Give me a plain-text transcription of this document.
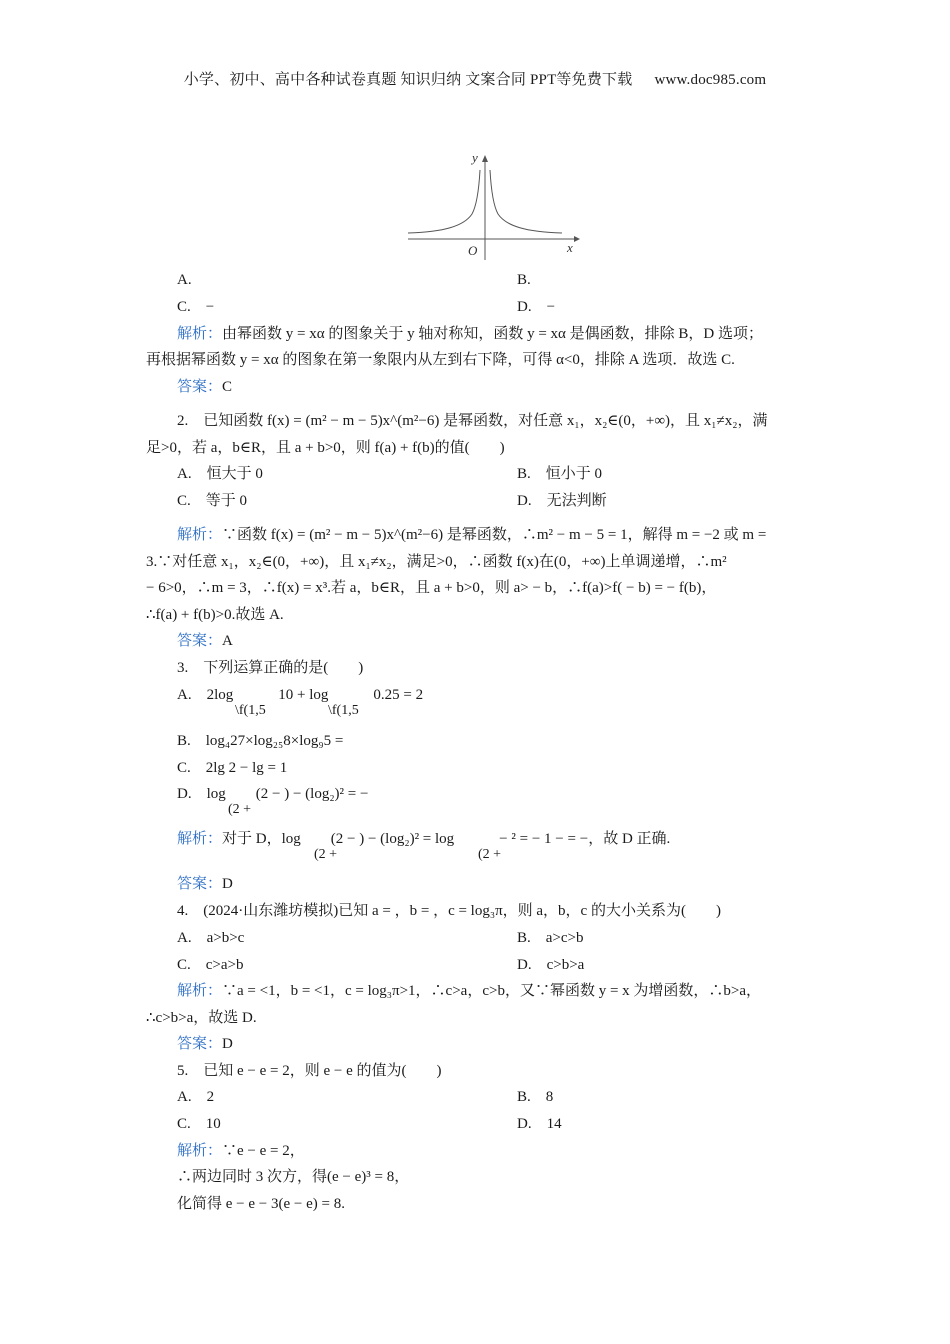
小学、初中、高中各种试卷真题 知识归纳 文案合同 PPT等免费下载 www.doc985.com
y
x
O
A.	B.
C.　−	D.　−
解析：由幂函数 y = xα 的图象关于 y 轴对称知，函数 y = xα 是偶函数，排除 B，D 选项；
再根据幂函数 y = xα 的图象在第一象限内从左到右下降，可得 α<0，排除 A 选项．故选 C.
答案：C
2.　已知函数 f(x) = (m² − m − 5)x^(m²−6) 是幂函数，对任意 x₁，x₂∈(0，+∞)，且 x₁≠x₂，满
足>0，若 a，b∈R，且 a + b>0，则 f(a) + f(b)的值(　　)
A.　恒大于 0	B.　恒小于 0
C.　等于 0	D.　无法判断
解析：∵函数 f(x) = (m² − m − 5)x^(m²−6) 是幂函数，∴m² − m − 5 = 1，解得 m = −2 或 m =
3.∵对任意 x₁，x₂∈(0，+∞)，且 x₁≠x₂，满足>0，∴函数 f(x)在(0，+∞)上单调递增，∴m²
− 6>0，∴m = 3，∴f(x) = x³.若 a，b∈R，且 a + b>0，则 a> − b，∴f(a)>f( − b) = − f(b)，
∴f(a) + f(b)>0.故选 A.
答案：A
3.　下列运算正确的是(　　)
A.　2log　　　10 + log　　　0.25 = 2
\f(1,5	\f(1,5
B.　log₄27×log₂₅8×log₉5 =
C.　2lg 2 − lg = 1
D.　log　　(2 − ) − (log₂)² = −
(2 +
解析：对于 D，log　　(2 − ) − (log₂)² = log　　　− ² = − 1 − = −，故 D 正确.
(2 +	(2 +
答案：D
4.　(2024·山东潍坊模拟)已知 a = ，b = ，c = log₃π，则 a，b，c 的大小关系为(　　)
A.　a>b>c	B.　a>c>b
C.　c>a>b	D.　c>b>a
解析：∵a = <1，b = <1，c = log₃π>1，∴c>a，c>b，又∵幂函数 y = x 为增函数，∴b>a，
∴c>b>a，故选 D.
答案：D
5.　已知 e − e = 2，则 e − e 的值为(　　)
A.　2	B.　8
C.　10	D.　14
解析：∵e − e = 2，
∴两边同时 3 次方，得(e − e)³ = 8，
化简得 e − e − 3(e − e) = 8.
